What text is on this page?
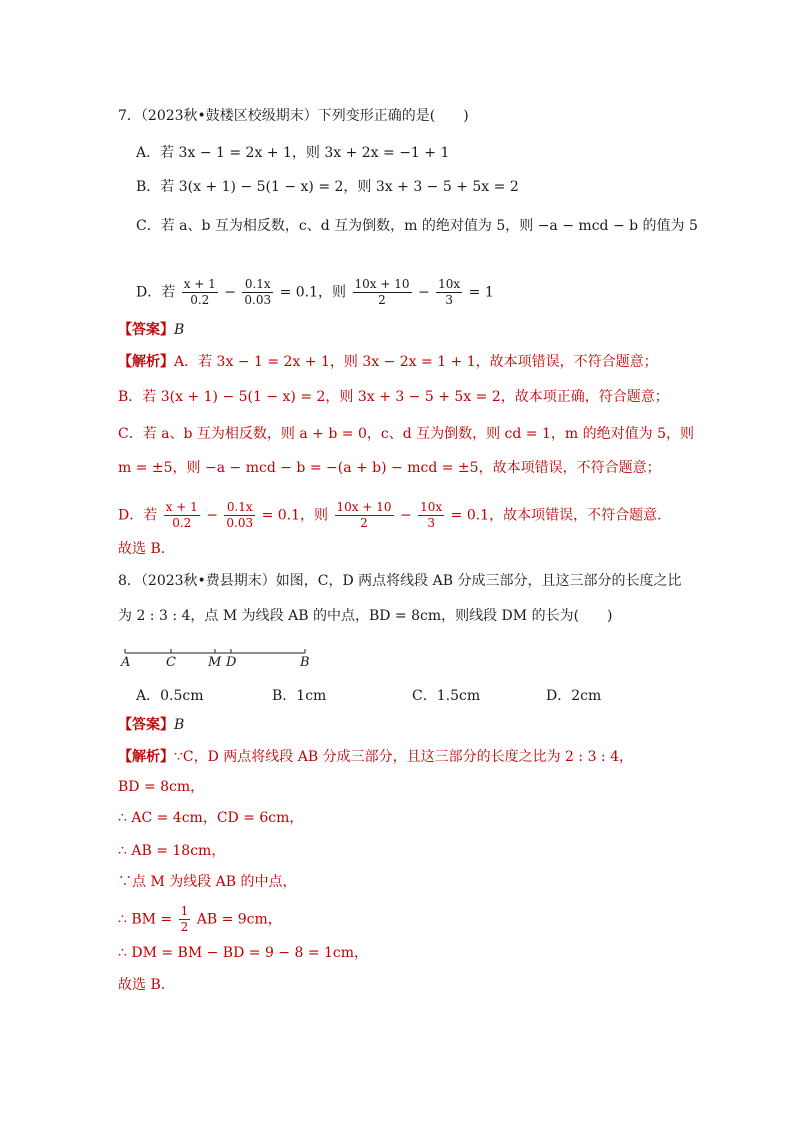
7．（2023秋•鼓楼区校级期末）下列变形正确的是(　　)
A．若 3x − 1 = 2x + 1，则 3x + 2x = −1 + 1
B．若 3(x + 1) − 5(1 − x) = 2，则 3x + 3 − 5 + 5x = 2
C．若 a、b 互为相反数，c、d 互为倒数，m 的绝对值为 5，则 −a − mcd − b 的值为 5
D．若 $\frac{x + 1}{0.2} - \frac{0.1x}{0.03} = 0.1$，则 $\frac{10x + 10}{2} - \frac{10x}{3} = 1$
【答案】B
【解析】A．若 3x − 1 = 2x + 1，则 3x − 2x = 1 + 1，故本项错误，不符合题意；
B．若 3(x + 1) − 5(1 − x) = 2，则 3x + 3 − 5 + 5x = 2，故本项正确，符合题意；
C．若 a、b 互为相反数，则 a + b = 0，c、d 互为倒数，则 cd = 1，m 的绝对值为 5，则
m = ±5，则 −a − mcd − b = −(a + b) − mcd = ±5，故本项错误，不符合题意；
D．若 $\frac{x + 1}{0.2} - \frac{0.1x}{0.03} = 0.1$，则 $\frac{10x + 10}{2} - \frac{10x}{3} = 0.1$，故本项错误，不符合题意．
故选 B．
8．（2023秋•费县期末）如图，C，D 两点将线段 AB 分成三部分，且这三部分的长度之比
为 2 : 3 : 4，点 M 为线段 AB 的中点，BD = 8cm，则线段 DM 的长为(　　)
A	C M D	B
A．0.5cm	B．1cm	C．1.5cm	D．2cm
【答案】B
【解析】∵C，D 两点将线段 AB 分成三部分，且这三部分的长度之比为 2 : 3 : 4，
BD = 8cm，
∴ AC = 4cm，CD = 6cm，
∴ AB = 18cm，
∵点 M 为线段 AB 的中点，
∴ BM = $\frac{1}{2}$ AB = 9cm，
∴ DM = BM − BD = 9 − 8 = 1cm，
故选 B．
